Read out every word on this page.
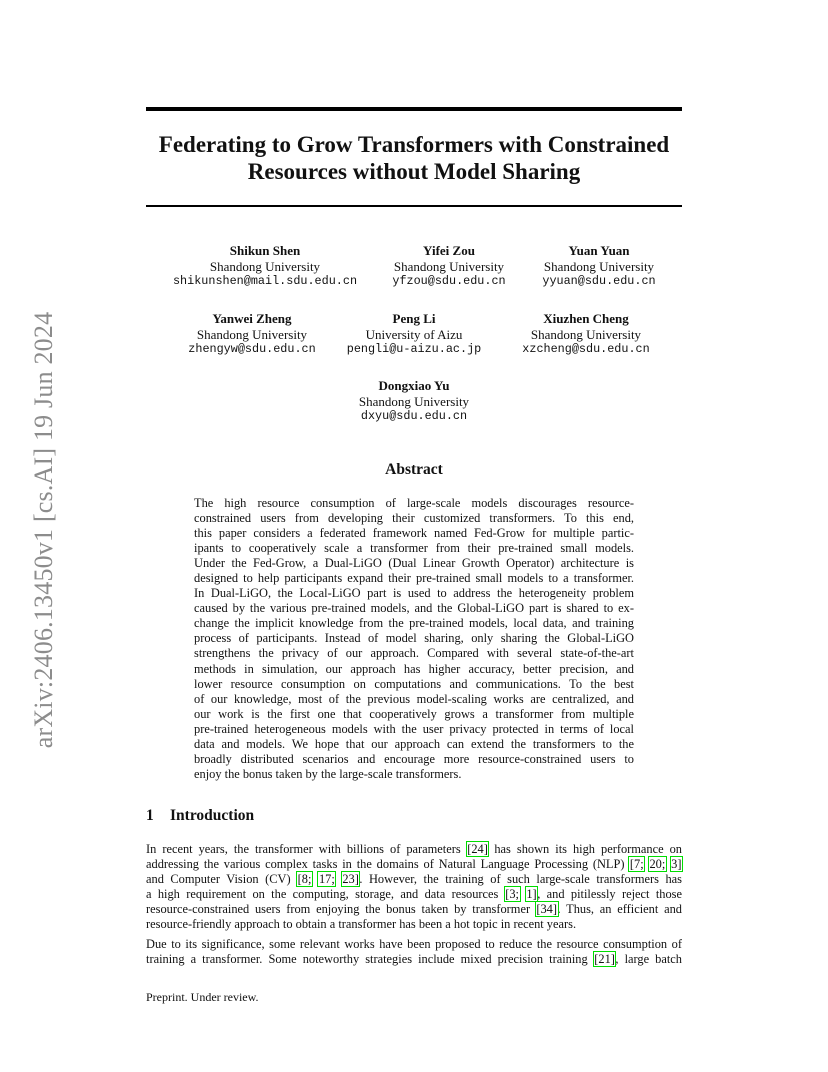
arXiv:2406.13450v1 [cs.AI] 19 Jun 2024
Federating to Grow Transformers with Constrained
Resources without Model Sharing
Shikun Shen
Shandong University
shikunshen@mail.sdu.edu.cn
Yifei Zou
Shandong University
yfzou@sdu.edu.cn
Yuan Yuan
Shandong University
yyuan@sdu.edu.cn
Yanwei Zheng
Shandong University
zhengyw@sdu.edu.cn
Peng Li
University of Aizu
pengli@u-aizu.ac.jp
Xiuzhen Cheng
Shandong University
xzcheng@sdu.edu.cn
Dongxiao Yu
Shandong University
dxyu@sdu.edu.cn
Abstract
The high resource consumption of large-scale models discourages resource-
constrained users from developing their customized transformers. To this end,
this paper considers a federated framework named Fed-Grow for multiple partic-
ipants to cooperatively scale a transformer from their pre-trained small models.
Under the Fed-Grow, a Dual-LiGO (Dual Linear Growth Operator) architecture is
designed to help participants expand their pre-trained small models to a transformer.
In Dual-LiGO, the Local-LiGO part is used to address the heterogeneity problem
caused by the various pre-trained models, and the Global-LiGO part is shared to ex-
change the implicit knowledge from the pre-trained models, local data, and training
process of participants. Instead of model sharing, only sharing the Global-LiGO
strengthens the privacy of our approach. Compared with several state-of-the-art
methods in simulation, our approach has higher accuracy, better precision, and
lower resource consumption on computations and communications. To the best
of our knowledge, most of the previous model-scaling works are centralized, and
our work is the first one that cooperatively grows a transformer from multiple
pre-trained heterogeneous models with the user privacy protected in terms of local
data and models. We hope that our approach can extend the transformers to the
broadly distributed scenarios and encourage more resource-constrained users to
enjoy the bonus taken by the large-scale transformers.
1 Introduction
In recent years, the transformer with billions of parameters [24] has shown its high performance on
addressing the various complex tasks in the domains of Natural Language Processing (NLP) [7; 20; 3]
and Computer Vision (CV) [8; 17; 23]. However, the training of such large-scale transformers has
a high requirement on the computing, storage, and data resources [3; 1], and pitilessly reject those
resource-constrained users from enjoying the bonus taken by transformer [34]. Thus, an efficient and
resource-friendly approach to obtain a transformer has been a hot topic in recent years.
Due to its significance, some relevant works have been proposed to reduce the resource consumption of
training a transformer. Some noteworthy strategies include mixed precision training [21], large batch
Preprint. Under review.
